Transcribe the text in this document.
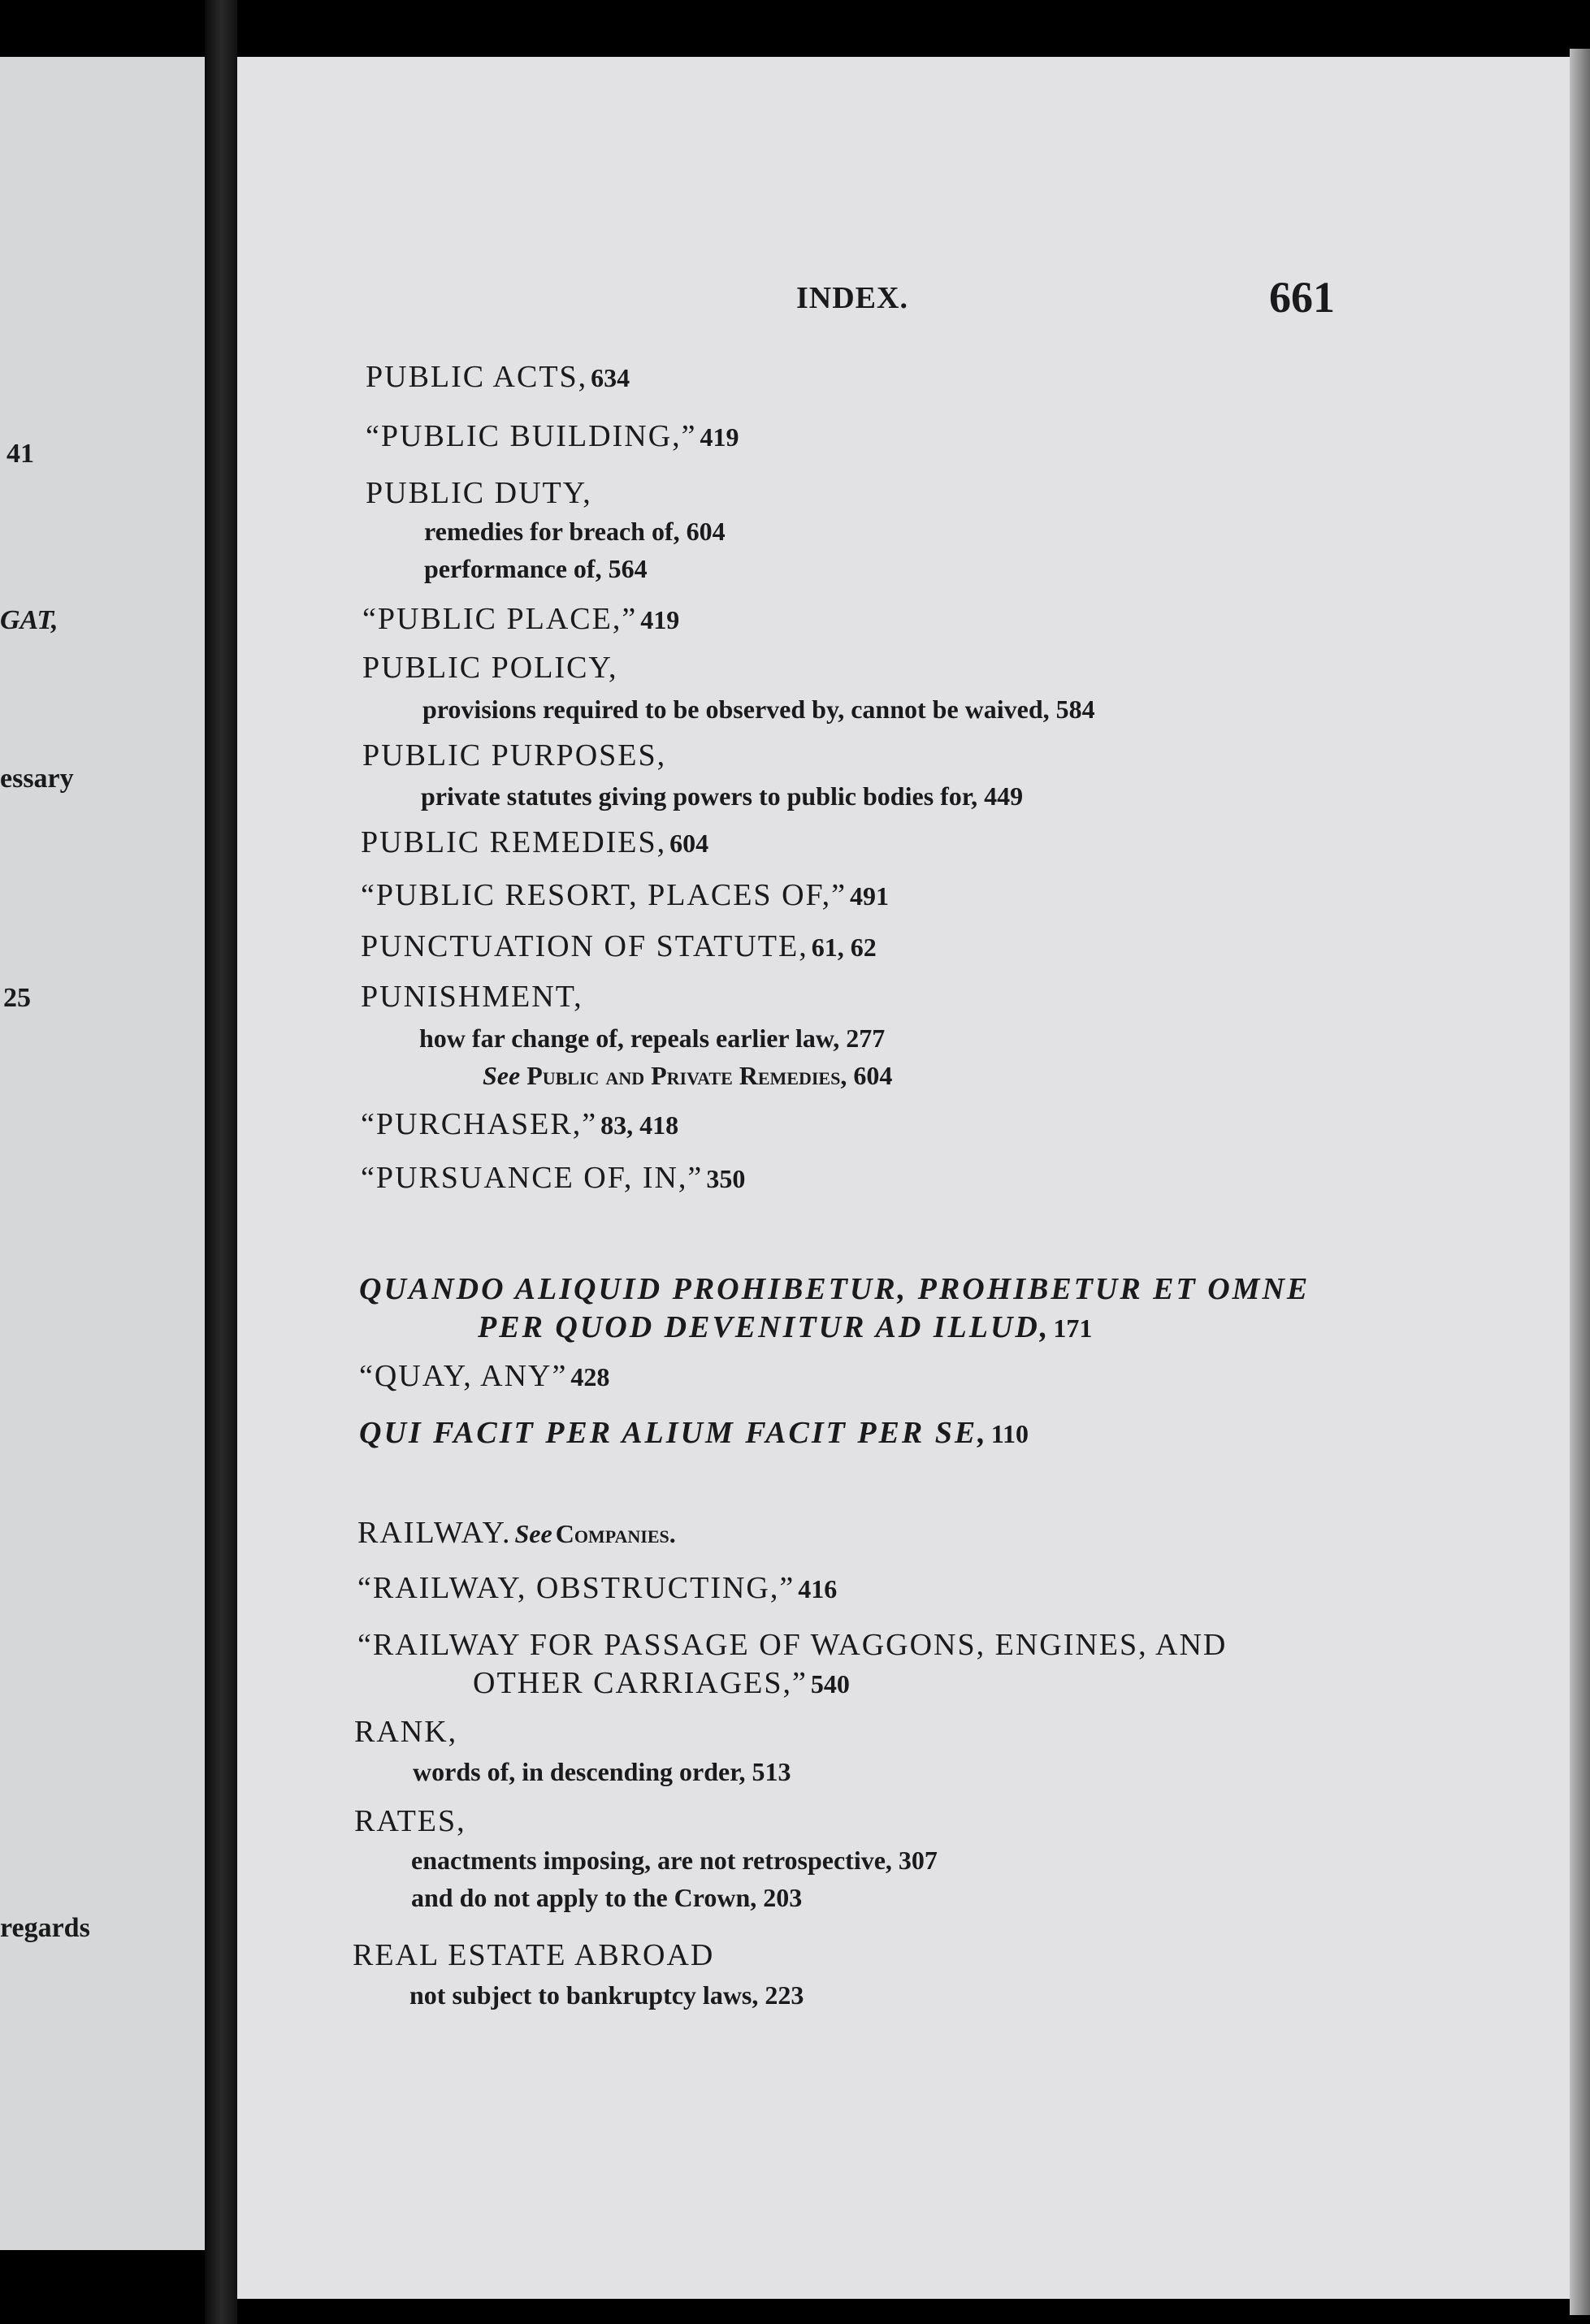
41
GAT,
essary
25
regards
INDEX.	661
PUBLIC ACTS, 634
“PUBLIC BUILDING,” 419
PUBLIC DUTY,
remedies for breach of, 604
performance of, 564
“PUBLIC PLACE,” 419
PUBLIC POLICY,
provisions required to be observed by, cannot be waived, 584
PUBLIC PURPOSES,
private statutes giving powers to public bodies for, 449
PUBLIC REMEDIES, 604
“PUBLIC RESORT, PLACES OF,” 491
PUNCTUATION OF STATUTE, 61, 62
PUNISHMENT,
how far change of, repeals earlier law, 277
See Public and Private Remedies, 604
“PURCHASER,” 83, 418
“PURSUANCE OF, IN,” 350
QUANDO ALIQUID PROHIBETUR, PROHIBETUR ET OMNE
PER QUOD DEVENITUR AD ILLUD, 171
“QUAY, ANY” 428
QUI FACIT PER ALIUM FACIT PER SE, 110
RAILWAY. See Companies.
“RAILWAY, OBSTRUCTING,” 416
“RAILWAY FOR PASSAGE OF WAGGONS, ENGINES, AND
OTHER CARRIAGES,” 540
RANK,
words of, in descending order, 513
RATES,
enactments imposing, are not retrospective, 307
and do not apply to the Crown, 203
REAL ESTATE ABROAD
not subject to bankruptcy laws, 223
